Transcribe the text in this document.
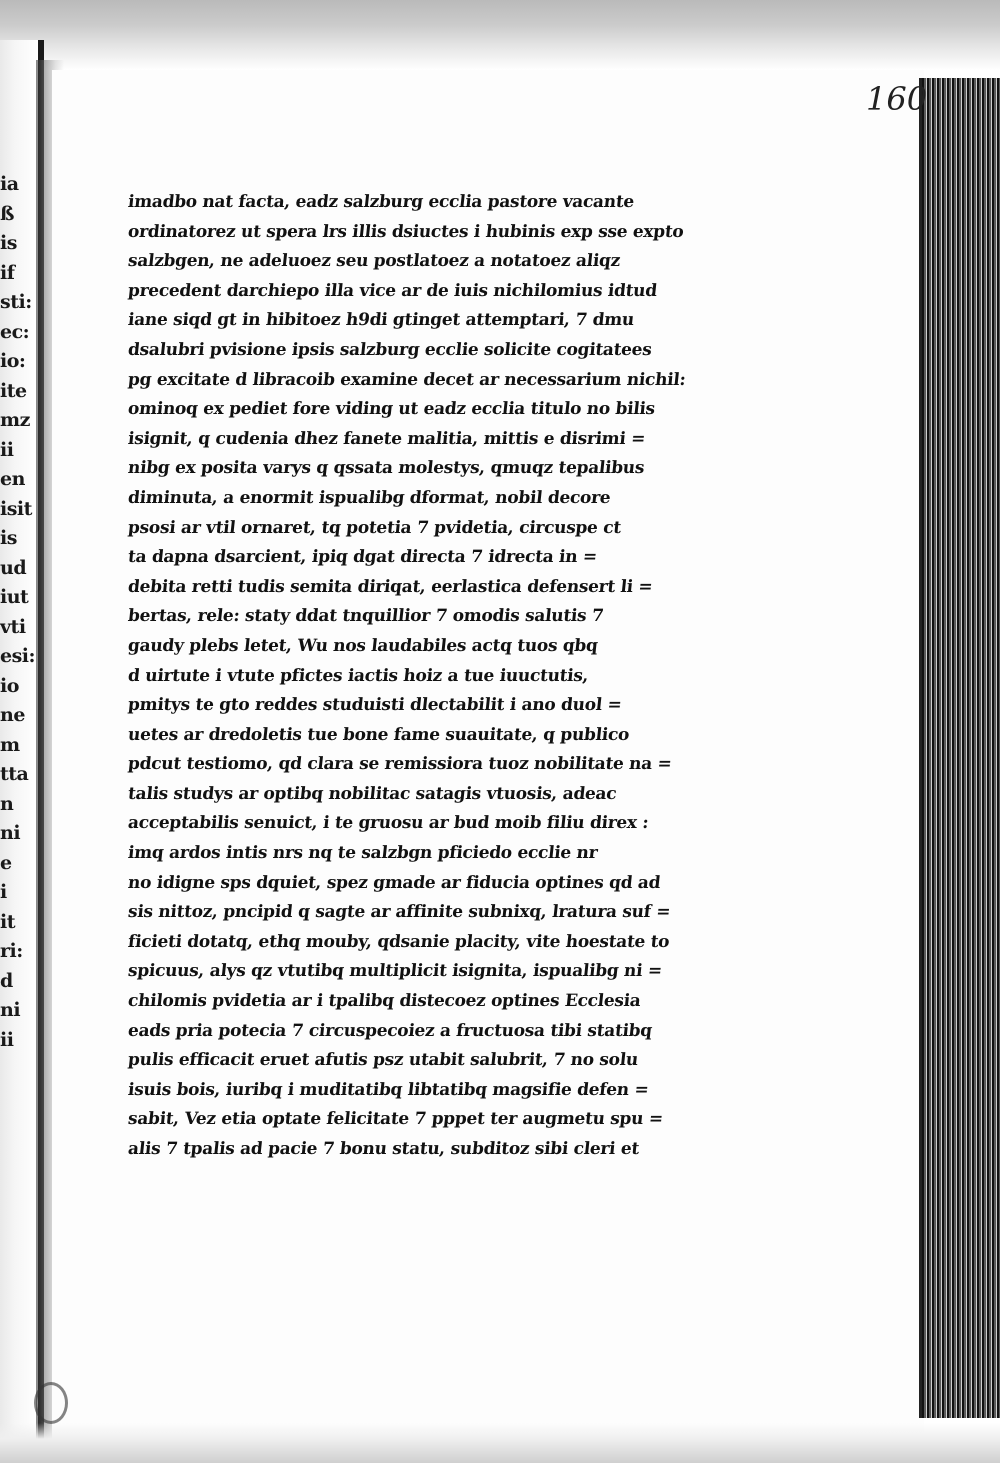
ia
ß
is
if
sti:
ec:
io:
ite
mz
ii
en
isit
is
ud
iut
vti
esi:
io
ne
m
tta
n
ni
e
i
it
ri:
d
ni
ii
160
imadbo nat facta, eadz salzburg ecclia pastore vacante
ordinatorez ut spera lrs illis dsiuctes i hubinis exp sse expto
salzbgen, ne adeluoez seu postlatoez a notatoez aliqz
precedent darchiepo illa vice ar de iuis nichilomius idtud
iane siqd gt in hibitoez h9di gtinget attemptari, 7 dmu
dsalubri pvisione ipsis salzburg ecclie solicite cogitatees
pg excitate d libracoib examine decet ar necessarium nichil:
ominoq ex pediet fore viding ut eadz ecclia titulo no bilis
isignit, q cudenia dhez fanete malitia, mittis e disrimi =
nibg ex posita varys q qssata molestys, qmuqz tepalibus
diminuta, a enormit ispualibg dformat, nobil decore
psosi ar vtil ornaret, tq potetia 7 pvidetia, circuspe ct
ta dapna dsarcient, ipiq dgat directa 7 idrecta in =
debita retti tudis semita diriqat, eerlastica defensert li =
bertas, rele: staty ddat tnquillior 7 omodis salutis 7
gaudy plebs letet, Wu nos laudabiles actq tuos qbq
d uirtute i vtute pfictes iactis hoiz a tue iuuctutis,
pmitys te gto reddes studuisti dlectabilit i ano duol =
uetes ar dredoletis tue bone fame suauitate, q publico
pdcut testiomo, qd clara se remissiora tuoz nobilitate na =
talis studys ar optibq nobilitac satagis vtuosis, adeac
acceptabilis senuict, i te gruosu ar bud moib filiu direx :
imq ardos intis nrs nq te salzbgn pficiedo ecclie nr
no idigne sps dquiet, spez gmade ar fiducia optines qd ad
sis nittoz, pncipid q sagte ar affinite subnixq, lratura suf =
ficieti dotatq, ethq mouby, qdsanie placity, vite hoestate to
spicuus, alys qz vtutibq multiplicit isignita, ispualibg ni =
chilomis pvidetia ar i tpalibq distecoez optines Ecclesia
eads pria potecia 7 circuspecoiez a fructuosa tibi statibq
pulis efficacit eruet afutis psz utabit salubrit, 7 no solu
isuis bois, iuribq i muditatibq libtatibq magsifie defen =
sabit, Vez etia optate felicitate 7 pppet ter augmetu spu =
alis 7 tpalis ad pacie 7 bonu statu, subditoz sibi cleri et
